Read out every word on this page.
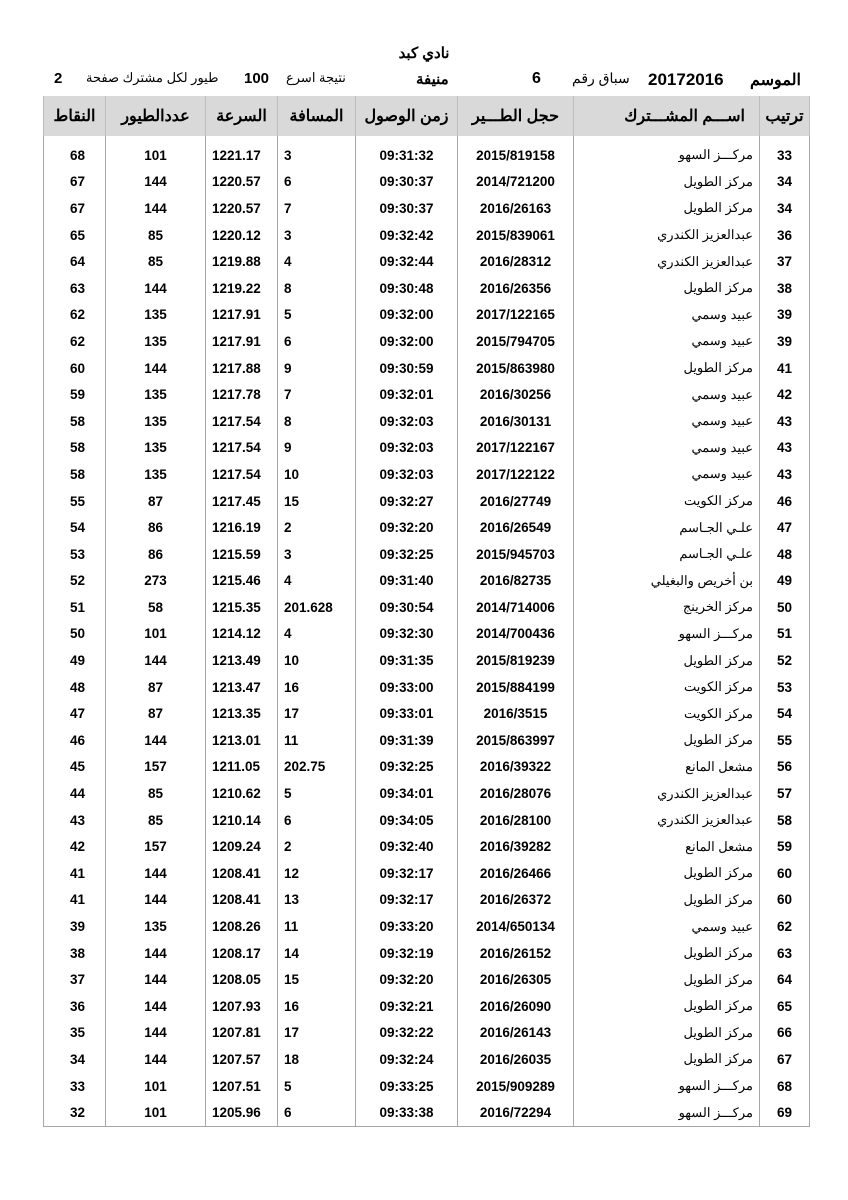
نادي كبد
الموسم
20172016
سباق رقم
6
منيفة
نتيجة اسرع
100
طيور لكل مشترك صفحة
2
النقاط	عددالطيور	السرعة	المسافة	زمن الوصول	حجل الطـــير	اســـم المشـــترك	ترتيب

68	101	1221.17	3	09:31:32	2015/819158	مركـــز السهو	33
67	144	1220.57	6	09:30:37	2014/721200	مركز الطويل	34
67	144	1220.57	7	09:30:37	2016/26163	مركز الطويل	34
65	85	1220.12	3	09:32:42	2015/839061	عبدالعزيز الكندري	36
64	85	1219.88	4	09:32:44	2016/28312	عبدالعزيز الكندري	37
63	144	1219.22	8	09:30:48	2016/26356	مركز الطويل	38
62	135	1217.91	5	09:32:00	2017/122165	عبيد وسمي	39
62	135	1217.91	6	09:32:00	2015/794705	عبيد وسمي	39
60	144	1217.88	9	09:30:59	2015/863980	مركز الطويل	41
59	135	1217.78	7	09:32:01	2016/30256	عبيد وسمي	42
58	135	1217.54	8	09:32:03	2016/30131	عبيد وسمي	43
58	135	1217.54	9	09:32:03	2017/122167	عبيد وسمي	43
58	135	1217.54	10	09:32:03	2017/122122	عبيد وسمي	43
55	87	1217.45	15	09:32:27	2016/27749	مركز الكويت	46
54	86	1216.19	2	09:32:20	2016/26549	علـي الجـاسم	47
53	86	1215.59	3	09:32:25	2015/945703	علـي الجـاسم	48
52	273	1215.46	4	09:31:40	2016/82735	بن أخريص والبغيلي	49
51	58	1215.35	201.628	09:30:54	2014/714006	مركز الخرينج	50
50	101	1214.12	4	09:32:30	2014/700436	مركـــز السهو	51
49	144	1213.49	10	09:31:35	2015/819239	مركز الطويل	52
48	87	1213.47	16	09:33:00	2015/884199	مركز الكويت	53
47	87	1213.35	17	09:33:01	2016/3515	مركز الكويت	54
46	144	1213.01	11	09:31:39	2015/863997	مركز الطويل	55
45	157	1211.05	202.75	09:32:25	2016/39322	مشعل المانع	56
44	85	1210.62	5	09:34:01	2016/28076	عبدالعزيز الكندري	57
43	85	1210.14	6	09:34:05	2016/28100	عبدالعزيز الكندري	58
42	157	1209.24	2	09:32:40	2016/39282	مشعل المانع	59
41	144	1208.41	12	09:32:17	2016/26466	مركز الطويل	60
41	144	1208.41	13	09:32:17	2016/26372	مركز الطويل	60
39	135	1208.26	11	09:33:20	2014/650134	عبيد وسمي	62
38	144	1208.17	14	09:32:19	2016/26152	مركز الطويل	63
37	144	1208.05	15	09:32:20	2016/26305	مركز الطويل	64
36	144	1207.93	16	09:32:21	2016/26090	مركز الطويل	65
35	144	1207.81	17	09:32:22	2016/26143	مركز الطويل	66
34	144	1207.57	18	09:32:24	2016/26035	مركز الطويل	67
33	101	1207.51	5	09:33:25	2015/909289	مركـــز السهو	68
32	101	1205.96	6	09:33:38	2016/72294	مركـــز السهو	69
